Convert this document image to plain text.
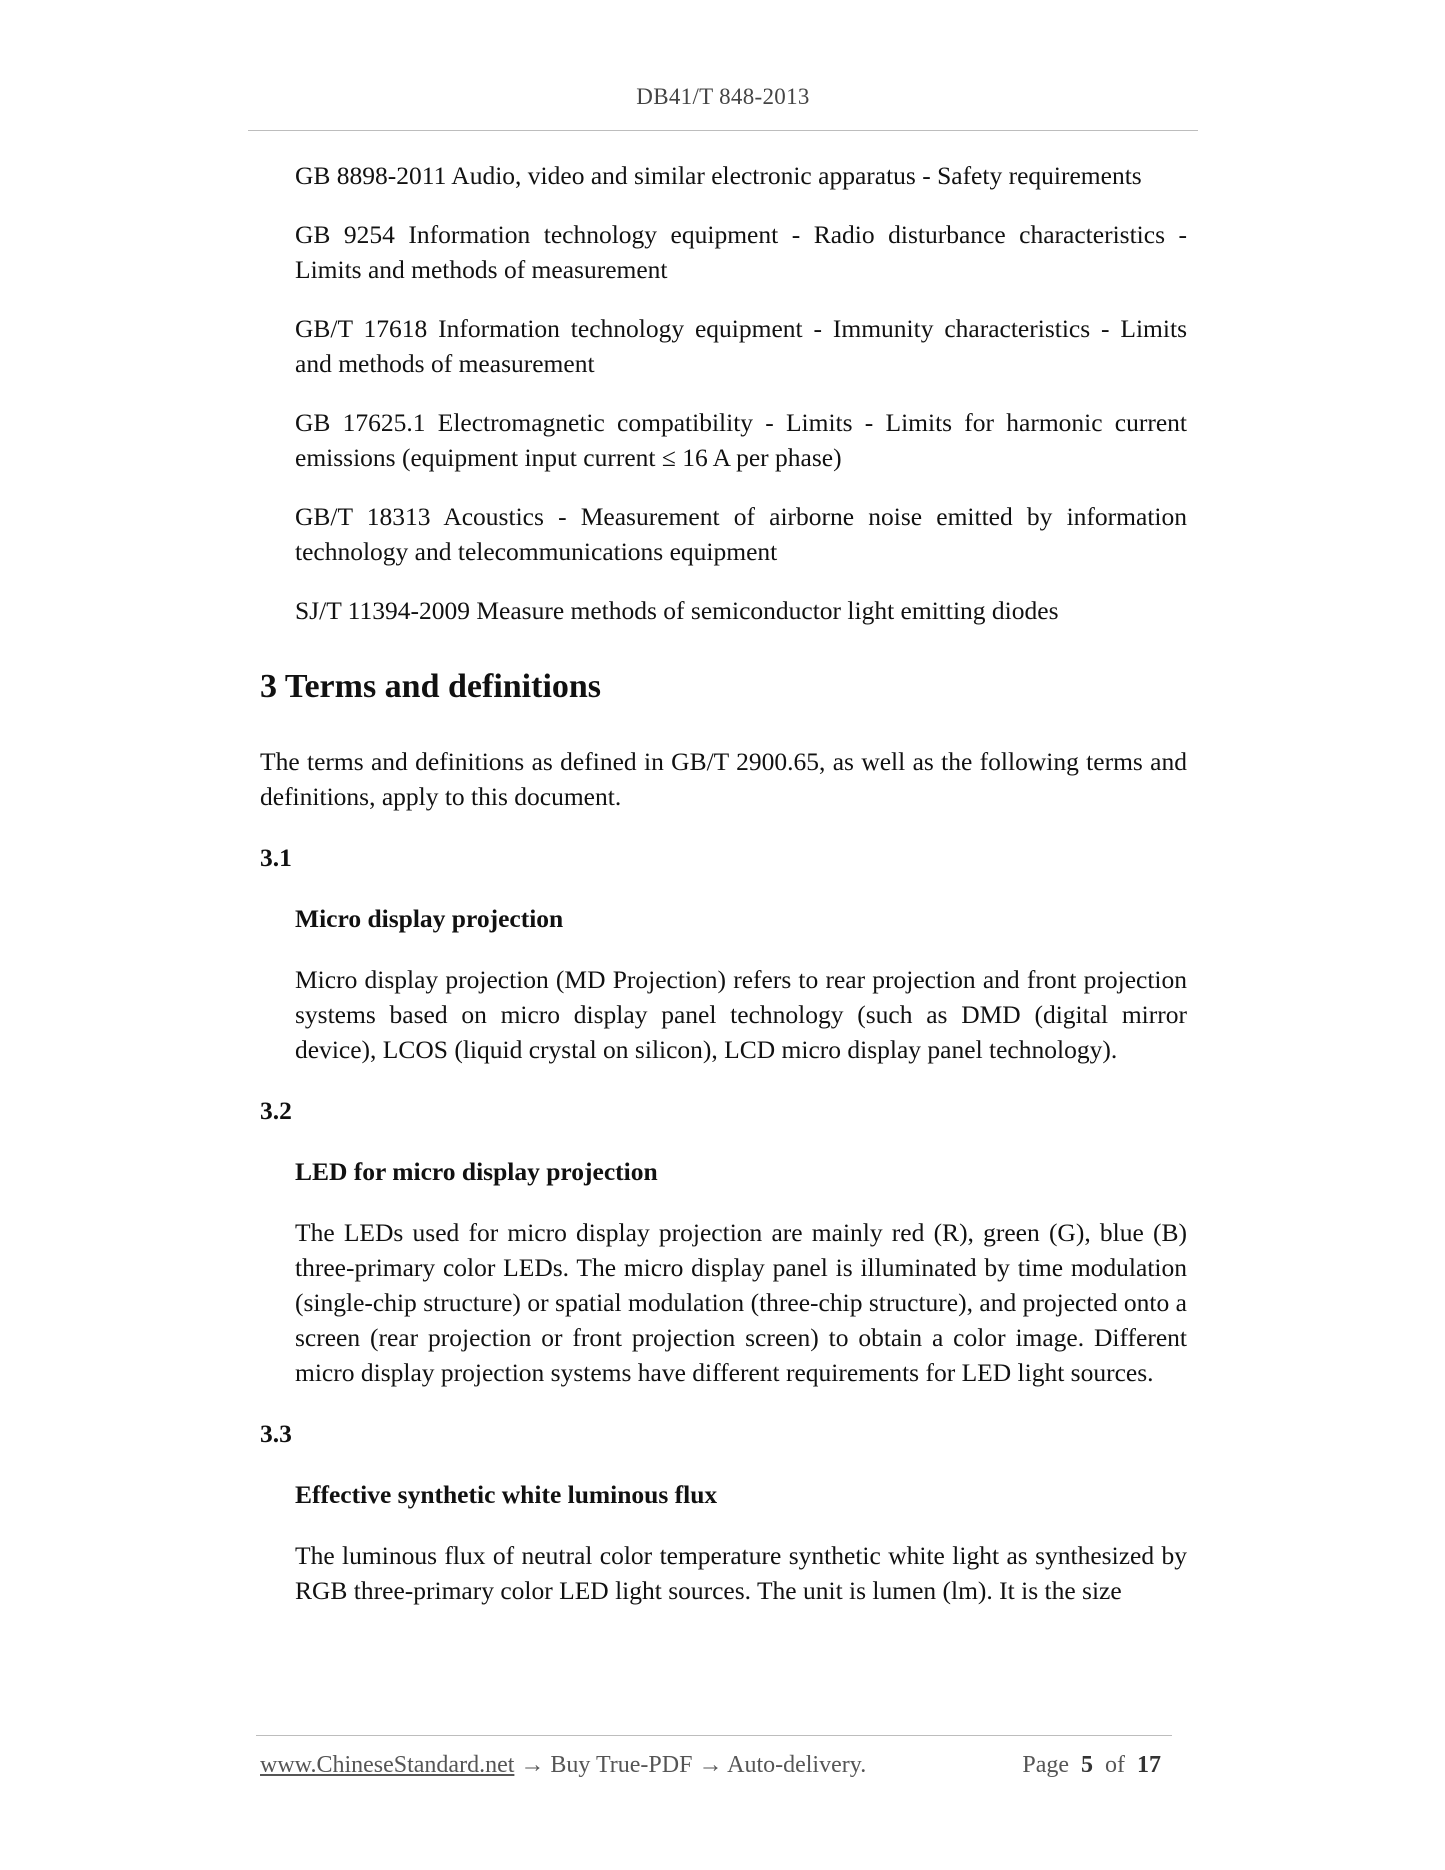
DB41/T 848-2013

GB 8898-2011 Audio, video and similar electronic apparatus - Safety requirements

GB 9254 Information technology equipment - Radio disturbance characteristics - Limits and methods of measurement

GB/T 17618 Information technology equipment - Immunity characteristics - Limits and methods of measurement

GB 17625.1 Electromagnetic compatibility - Limits - Limits for harmonic current emissions (equipment input current ≤ 16 A per phase)

GB/T 18313 Acoustics - Measurement of airborne noise emitted by information technology and telecommunications equipment

SJ/T 11394-2009 Measure methods of semiconductor light emitting diodes

3 Terms and definitions

The terms and definitions as defined in GB/T 2900.65, as well as the following terms and definitions, apply to this document.

3.1
Micro display projection

Micro display projection (MD Projection) refers to rear projection and front projection systems based on micro display panel technology (such as DMD (digital mirror device), LCOS (liquid crystal on silicon), LCD micro display panel technology).

3.2
LED for micro display projection

The LEDs used for micro display projection are mainly red (R), green (G), blue (B) three-primary color LEDs. The micro display panel is illuminated by time modulation (single-chip structure) or spatial modulation (three-chip structure), and projected onto a screen (rear projection or front projection screen) to obtain a color image. Different micro display projection systems have different requirements for LED light sources.

3.3
Effective synthetic white luminous flux

The luminous flux of neutral color temperature synthetic white light as synthesized by RGB three-primary color LED light sources. The unit is lumen (lm). It is the size

www.ChineseStandard.net → Buy True-PDF → Auto-delivery.	Page 5 of 17
